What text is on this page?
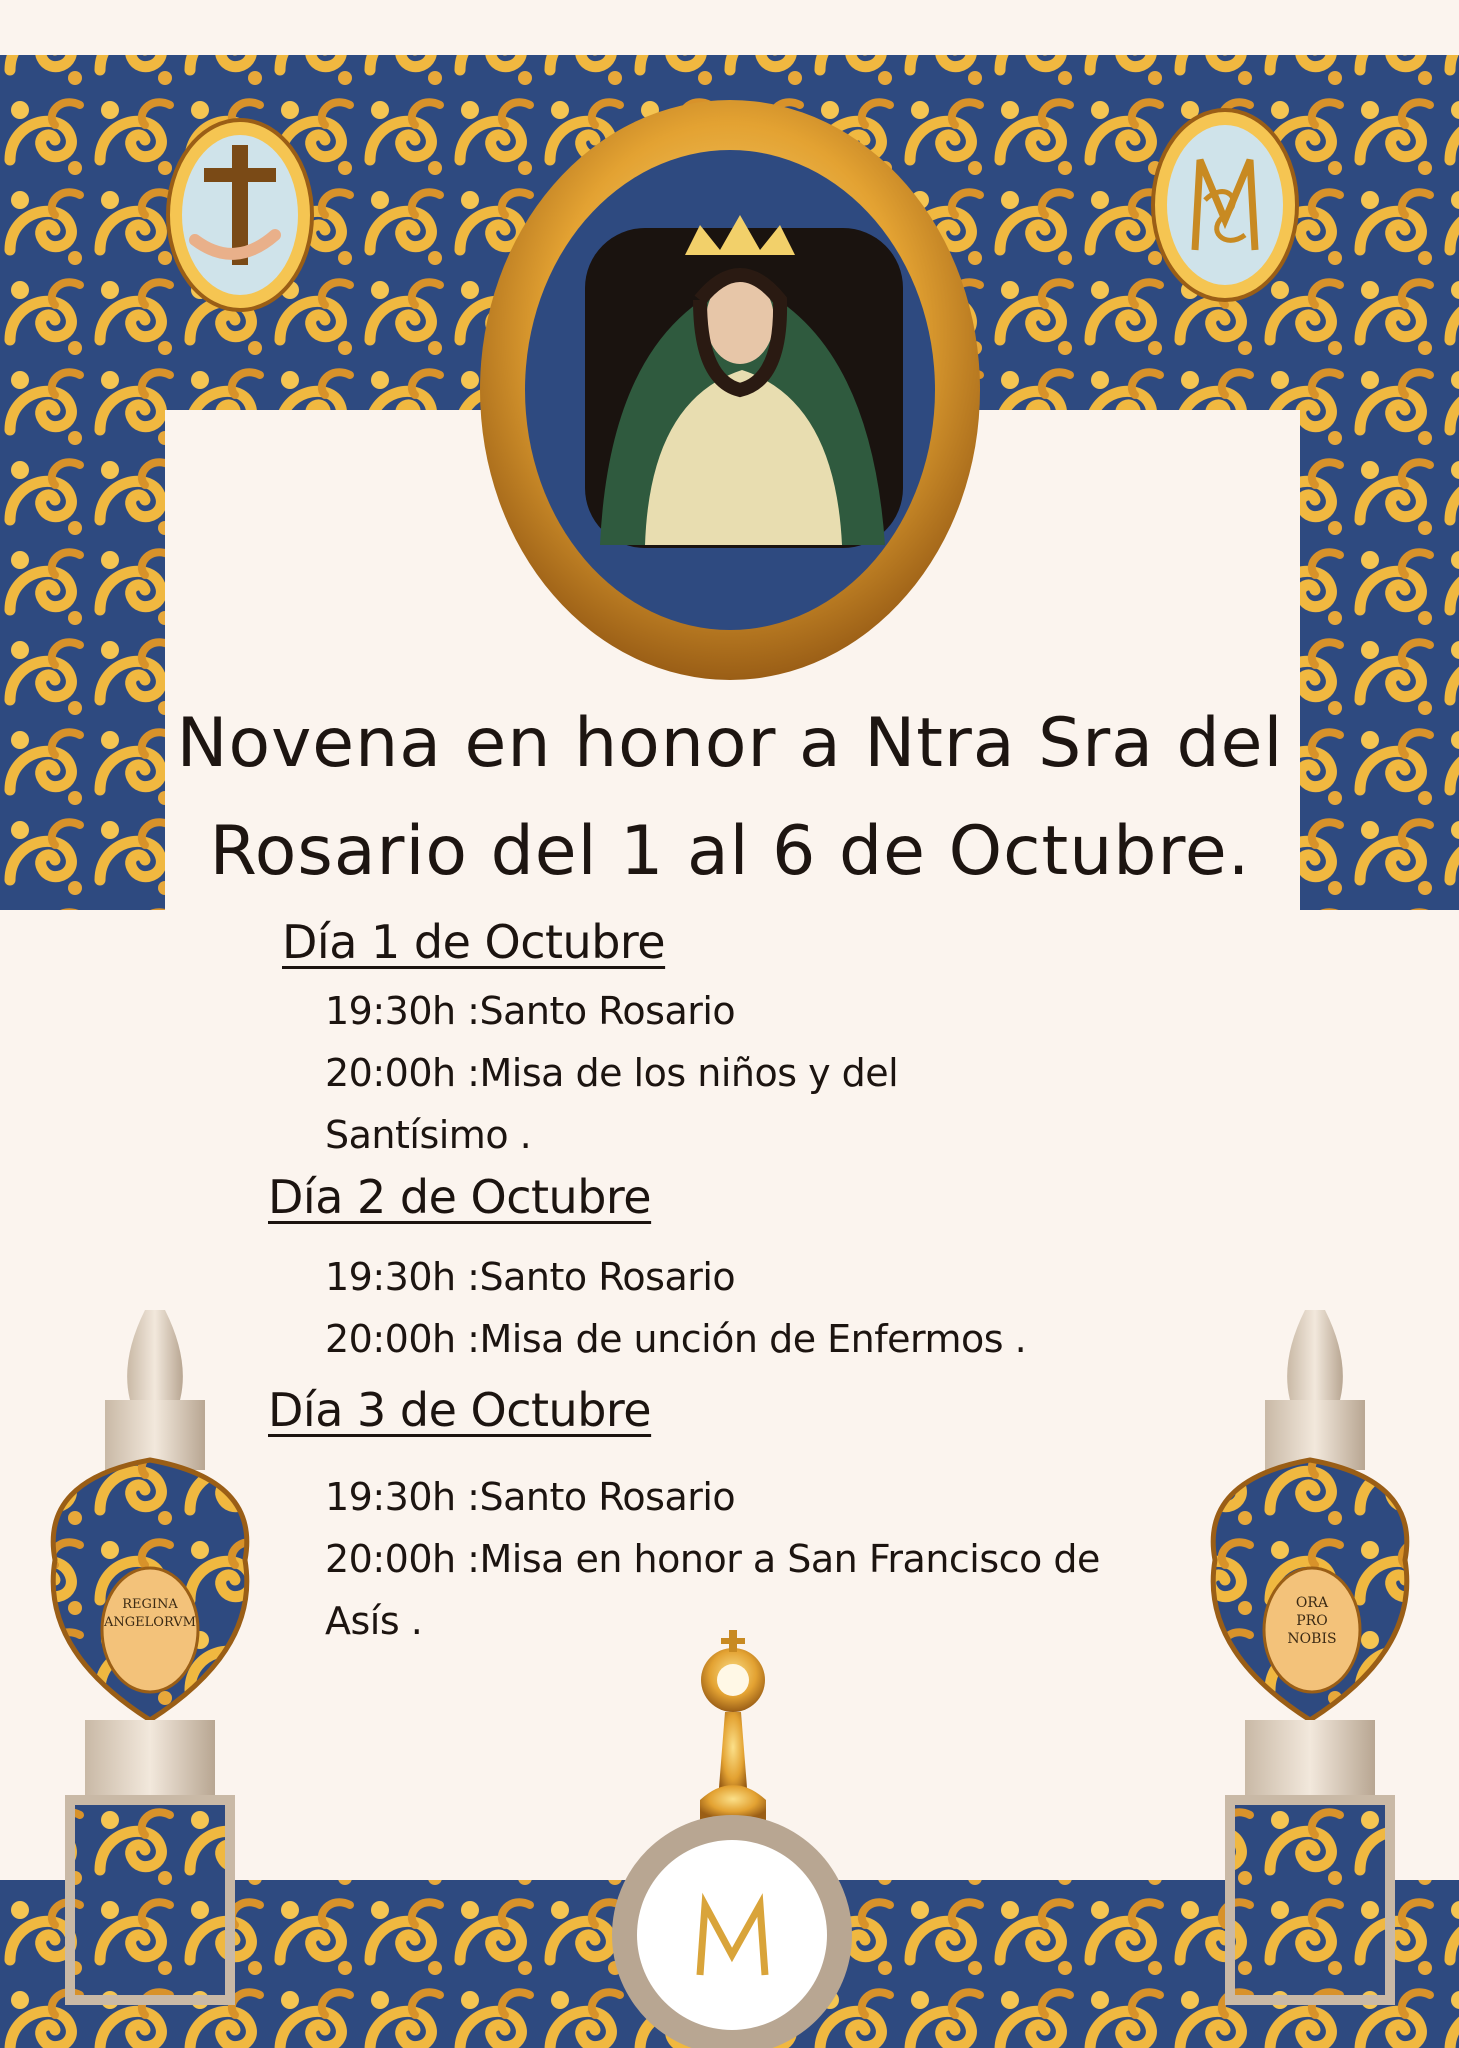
REGINA
ANGELORVM
ORA
PRO
NOBIS
Novena en honor a Ntra Sra del
Rosario del 1 al 6 de Octubre.
Día 1 de Octubre

19:30h :Santo Rosario

20:00h :Misa de los niños y del

Santísimo .

Día 2 de Octubre

19:30h :Santo Rosario

20:00h :Misa de unción de Enfermos .

Día 3 de Octubre

19:30h :Santo Rosario

20:00h :Misa en honor a San Francisco de

Asís .
